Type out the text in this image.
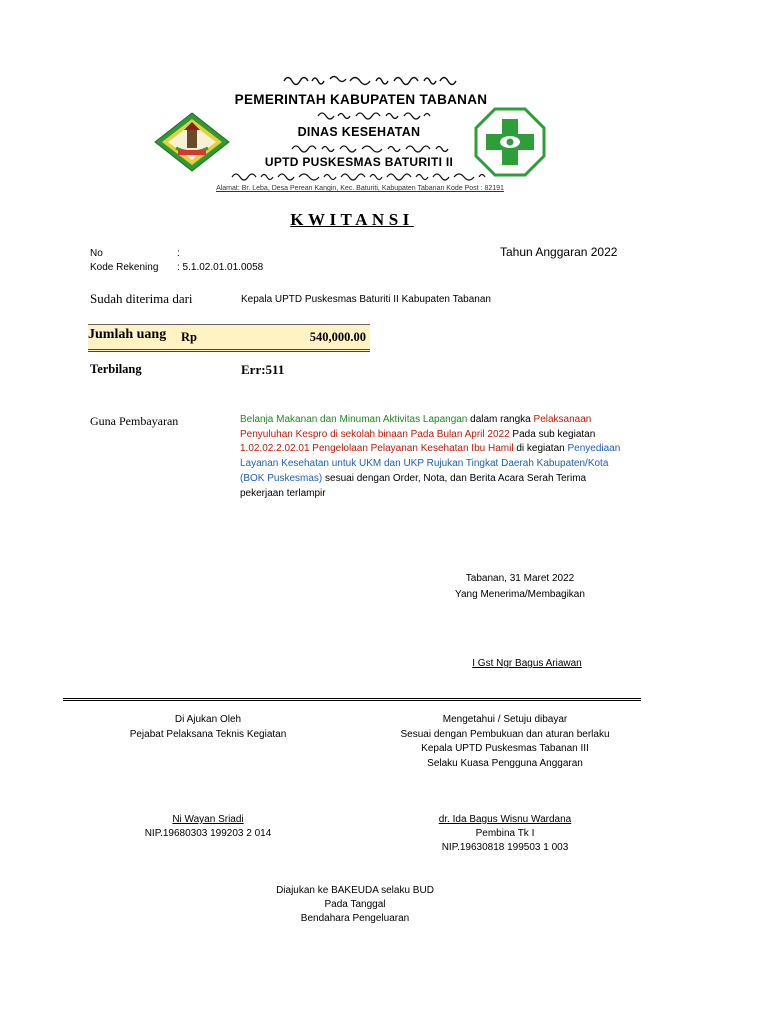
PEMERINTAH KABUPATEN TABANAN
DINAS KESEHATAN
UPTD PUSKESMAS BATURITI II
Alamat: Br. Leba, Desa Perean Kangin, Kec. Baturiti, Kabupaten Tabanan Kode Post : 82191
KWITANSI
No	:
Kode Rekening : 5.1.02.01.01.0058
Tahun Anggaran 2022
Sudah diterima dari	Kepala UPTD Puskesmas Baturiti II Kabupaten Tabanan
Jumlah uang Rp	540,000.00
Terbilang	Err:511
Guna Pembayaran	Belanja Makanan dan Minuman Aktivitas Lapangan dalam rangka Pelaksanaan Penyuluhan Kespro di sekolah binaan Pada Bulan April 2022 Pada sub kegiatan 1.02.02.2.02.01 Pengelolaan Pelayanan Kesehatan Ibu Hamil di kegiatan Penyediaan Layanan Kesehatan untuk UKM dan UKP Rujukan Tingkat Daerah Kabupaten/Kota (BOK Puskesmas) sesuai dengan Order, Nota, dan Berita Acara Serah Terima pekerjaan terlampir
Tabanan, 31 Maret 2022
Yang Menerima/Membagikan
I Gst Ngr Bagus Ariawan
Di Ajukan Oleh
Pejabat Pelaksana Teknis Kegiatan
Ni Wayan Sriadi
NIP.19680303 199203 2 014
Mengetahui / Setuju dibayar
Sesuai dengan Pembukuan dan aturan berlaku
Kepala UPTD Puskesmas Tabanan III
Selaku Kuasa Pengguna Anggaran
dr. Ida Bagus Wisnu Wardana
Pembina Tk I
NIP.19630818 199503 1 003
Diajukan ke BAKEUDA selaku BUD
Pada Tanggal
Bendahara Pengeluaran
